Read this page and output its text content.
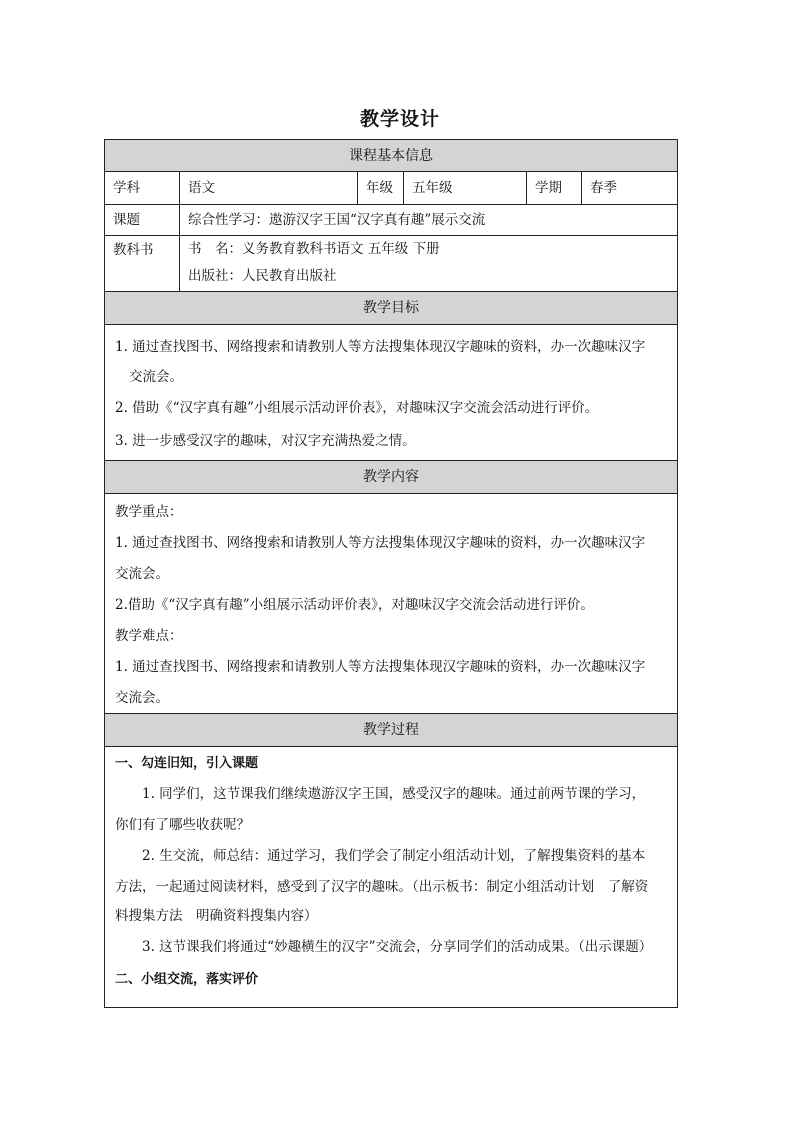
教学设计
课程基本信息
学科	语文	年级	五年级	学期	春季
课题	综合性学习：遨游汉字王国“汉字真有趣”展示交流
教科书	书　名：义务教育教科书语文 五年级 下册
出版社：人民教育出版社
教学目标
1. 通过查找图书、网络搜索和请教别人等方法搜集体现汉字趣味的资料，办一次趣味汉字
交流会。
2. 借助《“汉字真有趣”小组展示活动评价表》，对趣味汉字交流会活动进行评价。
3. 进一步感受汉字的趣味，对汉字充满热爱之情。
教学内容
教学重点：
1. 通过查找图书、网络搜索和请教别人等方法搜集体现汉字趣味的资料，办一次趣味汉字
交流会。
2.借助《“汉字真有趣”小组展示活动评价表》，对趣味汉字交流会活动进行评价。
教学难点：
1. 通过查找图书、网络搜索和请教别人等方法搜集体现汉字趣味的资料，办一次趣味汉字
交流会。
教学过程
一、勾连旧知，引入课题
1. 同学们，这节课我们继续遨游汉字王国，感受汉字的趣味。通过前两节课的学习，
你们有了哪些收获呢？
2. 生交流，师总结：通过学习，我们学会了制定小组活动计划，了解搜集资料的基本
方法，一起通过阅读材料，感受到了汉字的趣味。（出示板书：制定小组活动计划　了解资
料搜集方法　明确资料搜集内容）
3. 这节课我们将通过“妙趣横生的汉字”交流会，分享同学们的活动成果。（出示课题）
二、小组交流，落实评价
